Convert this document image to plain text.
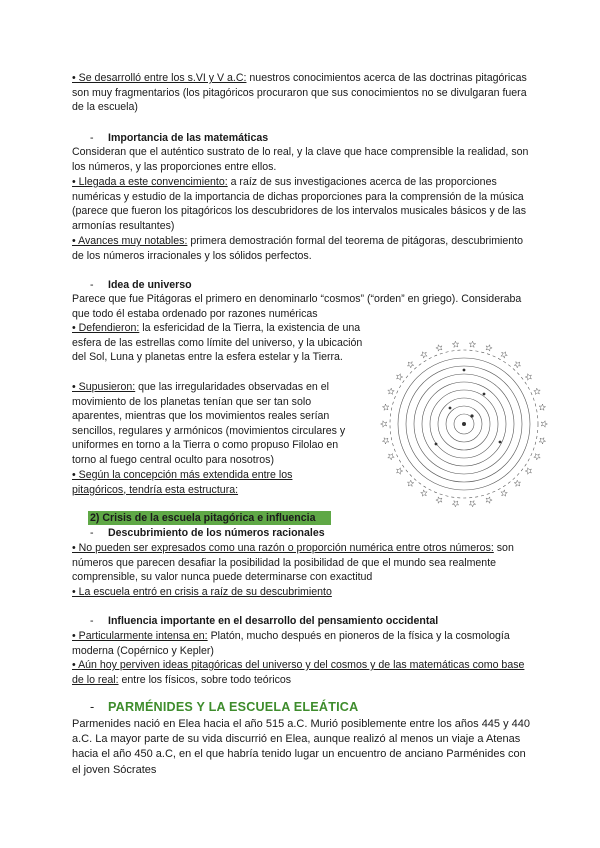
• Se desarrolló entre los s.VI y V a.C: nuestros conocimientos acerca de las doctrinas pitagóricas son muy fragmentarios (los pitagóricos procuraron que sus conocimientos no se divulgaran fuera de la escuela)

- Importancia de las matemáticas

Consideran que el auténtico sustrato de lo real, y la clave que hace comprensible la realidad, son los números, y las proporciones entre ellos.

• Llegada a este convencimiento: a raíz de sus investigaciones acerca de las proporciones numéricas y estudio de la importancia de dichas proporciones para la comprensión de la música (parece que fueron los pitagóricos los descubridores de los intervalos musicales básicos y de las armonías resultantes)

• Avances muy notables: primera demostración formal del teorema de pitágoras, descubrimiento de los números irracionales y los sólidos perfectos.

- Idea de universo

Parece que fue Pitágoras el primero en denominarlo “cosmos” (“orden” en griego). Consideraba que todo él estaba ordenado por razones numéricas

• Defendieron: la esfericidad de la Tierra, la existencia de una esfera de las estrellas como límite del universo, y la ubicación del Sol, Luna y planetas entre la esfera estelar y la Tierra.

• Supusieron: que las irregularidades observadas en el movimiento de los planetas tenían que ser tan solo aparentes, mientras que los movimientos reales serían sencillos, regulares y armónicos (movimientos circulares y uniformes en torno a la Tierra o como propuso Filolao en torno al fuego central oculto para nosotros)

• Según la concepción más extendida entre los pitagóricos, tendría esta estructura:

2) Crisis de la escuela pitagórica e influencia
- Descubrimiento de los números racionales

• No pueden ser expresados como una razón o proporción numérica entre otros números: son números que parecen desafiar la posibilidad la posibilidad de que el mundo sea realmente comprensible, su valor nunca puede determinarse con exactitud

• La escuela entró en crisis a raíz de su descubrimiento

- Influencia importante en el desarrollo del pensamiento occidental

• Particularmente intensa en: Platón, mucho después en pioneros de la física y la cosmología moderna (Copérnico y Kepler)

• Aún hoy perviven ideas pitagóricas del universo y del cosmos y de las matemáticas como base de lo real: entre los físicos, sobre todo teóricos

- PARMÉNIDES Y LA ESCUELA ELEÁTICA

Parmenides nació en Elea hacia el año 515 a.C. Murió posiblemente entre los años 445 y 440 a.C. La mayor parte de su vida discurrió en Elea, aunque realizó al menos un viaje a Atenas hacia el año 450 a.C, en el que habría tenido lugar un encuentro de anciano Parménides con el joven Sócrates
